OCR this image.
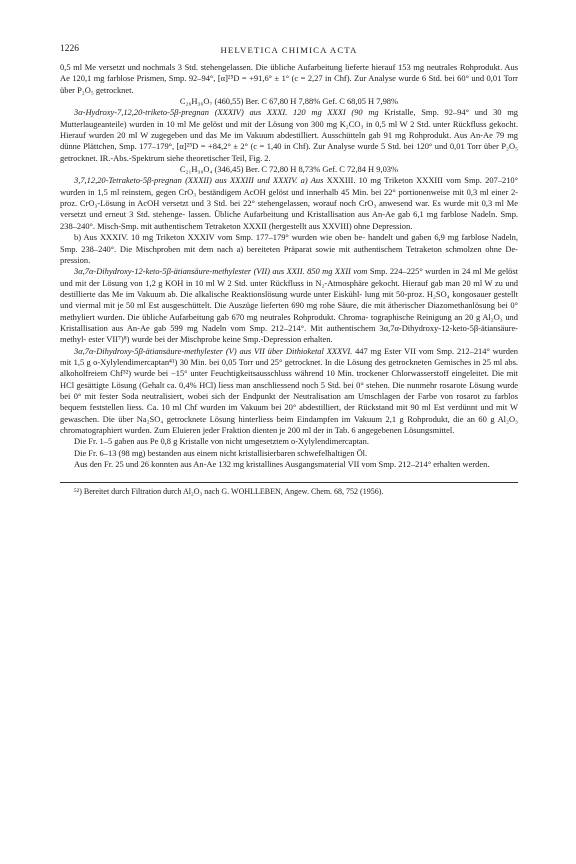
1226	HELVETICA CHIMICA ACTA

0,5 ml Me versetzt und nochmals 3 Std. stehengelassen. Die übliche Aufarbeitung lieferte hierauf 153 mg neutrales Rohprodukt. Aus Ae 120,1 mg farblose Prismen, Smp. 92–94°, [α]²⁵D = +91,6° ± 1° (c = 2,27 in Chf). Zur Analyse wurde 6 Std. bei 60° und 0,01 Torr über P₂O₅ getrocknet.

C₂₆H₃₆O₇ (460,55) Ber. C 67,80 H 7,88% Gef. C 68,05 H 7,98%

3α-Hydroxy-7,12,20-triketo-5β-pregnan (XXXIV) aus XXXI. 120 mg XXXI (90 mg Kristalle, Smp. 92–94° und 30 mg Mutterlaugeanteile) wurden in 10 ml Me gelöst und mit der Lösung von 300 mg K₂CO₃ in 0,5 ml W 2 Std. unter Rückfluss gekocht. Hierauf wurden 20 ml W zugegeben und das Me im Vakuum abdestilliert. Ausschütteln gab 91 mg Rohprodukt. Aus An-Ae 79 mg dünne Plättchen, Smp. 177–179°, [α]²⁵D = +84,2° ± 2° (c = 1,40 in Chf). Zur Analyse wurde 5 Std. bei 120° und 0,01 Torr über P₂O₅ getrocknet. IR.-Abs.-Spektrum siehe theoretischer Teil, Fig. 2.

C₂₁H₃₀O₄ (346,45) Ber. C 72,80 H 8,73% Gef. C 72,84 H 9,03%

3,7,12,20-Tetraketo-5β-pregnan (XXXII) aus XXXIII und XXXIV. a) Aus XXXIII. 10 mg Triketon XXXIII vom Smp. 207–210° wurden in 1,5 ml reinstem, gegen CrO₃ beständigem AcOH gelöst und innerhalb 45 Min. bei 22° portionenweise mit 0,3 ml einer 2-proz. CrO₃-Lösung in AcOH versetzt und 3 Std. bei 22° stehengelassen, worauf noch CrO₃ anwesend war. Es wurde mit 0,3 ml Me versetzt und erneut 3 Std. stehenge- lassen. Übliche Aufarbeitung und Kristallisation aus An-Ae gab 6,1 mg farblose Nadeln. Smp. 238–240°. Misch-Smp. mit authentischem Tetraketon XXXII (hergestellt aus XXVIII) ohne Depression.

b) Aus XXXIV. 10 mg Triketon XXXIV vom Smp. 177–179° wurden wie oben be- handelt und gaben 6,9 mg farblose Nadeln, Smp. 238–240°. Die Mischproben mit dem nach a) bereiteten Präparat sowie mit authentischem Tetraketon schmolzen ohne De- pression.

3α,7α-Dihydroxy-12-keto-5β-ätiansäure-methylester (VII) aus XXII. 850 mg XXII vom Smp. 224–225° wurden in 24 ml Me gelöst und mit der Lösung von 1,2 g KOH in 10 ml W 2 Std. unter Rückfluss in N₂-Atmosphäre gekocht. Hierauf gab man 20 ml W zu und destillierte das Me im Vakuum ab. Die alkalische Reaktionslösung wurde unter Eiskühl- lung mit 50-proz. H₂SO₄ kongosauer gestellt und viermal mit je 50 ml Est ausgeschüttelt. Die Auszüge lieferten 690 mg rohe Säure, die mit ätherischer Diazomethanlösung bei 0° methyliert wurden. Die übliche Aufarbeitung gab 670 mg neutrales Rohprodukt. Chroma- tographische Reinigung an 20 g Al₂O₃ und Kristallisation aus An-Ae gab 599 mg Nadeln vom Smp. 212–214°. Mit authentischem 3α,7α-Dihydroxy-12-keto-5β-ätiansäure-methyl- ester VII⁷)⁸) wurde bei der Mischprobe keine Smp.-Depression erhalten.

3α,7α-Dihydroxy-5β-ätiansäure-methylester (V) aus VII über Dithioketal XXXVI. 447 mg Ester VII vom Smp. 212–214° wurden mit 1,5 g o-Xylylendimercaptan⁴¹) 30 Min. bei 0,05 Torr und 25° getrocknet. In die Lösung des getrockneten Gemisches in 25 ml abs. alkoholfreiem Chf⁵²) wurde bei −15° unter Feuchtigkeitsausschluss während 10 Min. trockener Chlorwasserstoff eingeleitet. Die mit HCl gesättigte Lösung (Gehalt ca. 0,4% HCl) liess man anschliessend noch 5 Std. bei 0° stehen. Die nunmehr rosarote Lösung wurde bei 0° mit fester Soda neutralisiert, wobei sich der Endpunkt der Neutralisation am Umschlagen der Farbe von rosarot zu farblos bequem feststellen liess. Ca. 10 ml Chf wurden im Vakuum bei 20° abdestilliert, der Rückstand mit 90 ml Est verdünnt und mit W gewaschen. Die über Na₂SO₄ getrocknete Lösung hinterliess beim Eindampfen im Vakuum 2,1 g Rohprodukt, die an 60 g Al₂O₃ chromatographiert wurden. Zum Eluieren jeder Fraktion dienten je 200 ml der in Tab. 6 angegebenen Lösungsmittel.

Die Fr. 1–5 gaben aus Pe 0,8 g Kristalle von nicht umgesetztem o-Xylylendimercaptan.

Die Fr. 6–13 (98 mg) bestanden aus einem nicht kristallisierbaren schwefelhaltigen Öl.

Aus den Fr. 25 und 26 konnten aus An-Ae 132 mg kristallines Ausgangsmaterial VII vom Smp. 212–214° erhalten werden.

⁵²) Bereitet durch Filtration durch Al₂O₃ nach G. WOHLLEBEN, Angew. Chem. 68, 752 (1956).
